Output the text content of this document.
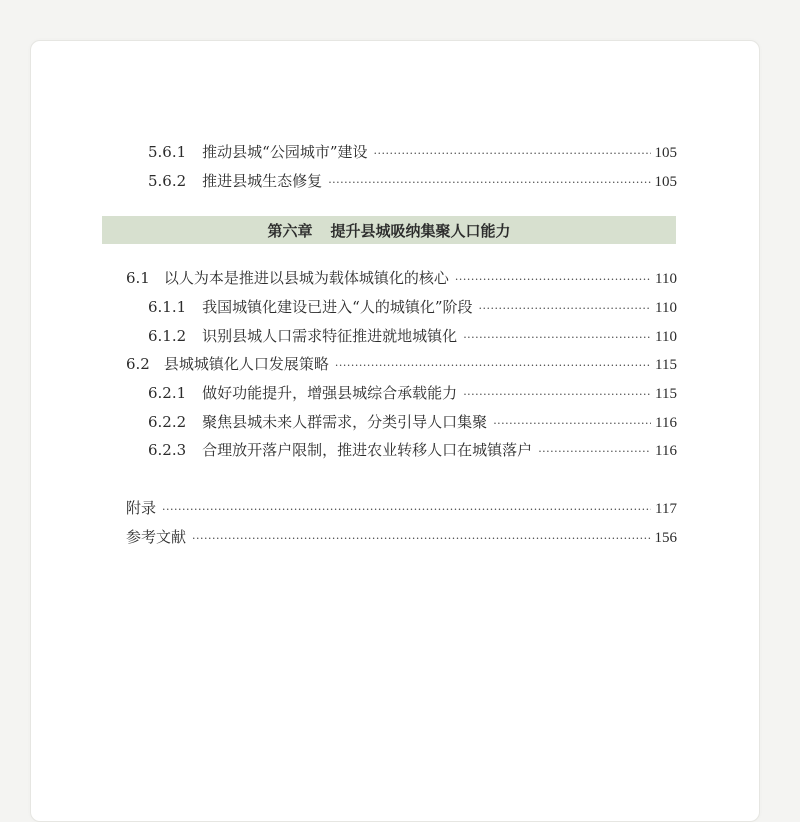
5.6.1 推动县城“公园城市”建设 ·····	105
5.6.2 推进县城生态修复 ·····	105
第六章 提升县城吸纳集聚人口能力
6.1 以人为本是推进以县城为载体城镇化的核心 ·····	110
6.1.1 我国城镇化建设已进入“人的城镇化”阶段 ·····	110
6.1.2 识别县城人口需求特征推进就地城镇化 ·····	110
6.2 县城城镇化人口发展策略 ·····	115
6.2.1 做好功能提升，增强县城综合承载能力 ·····	115
6.2.2 聚焦县城未来人群需求，分类引导人口集聚 ·····	116
6.2.3 合理放开落户限制，推进农业转移人口在城镇落户 ·····	116
附录 ·····	117
参考文献 ·····	156
